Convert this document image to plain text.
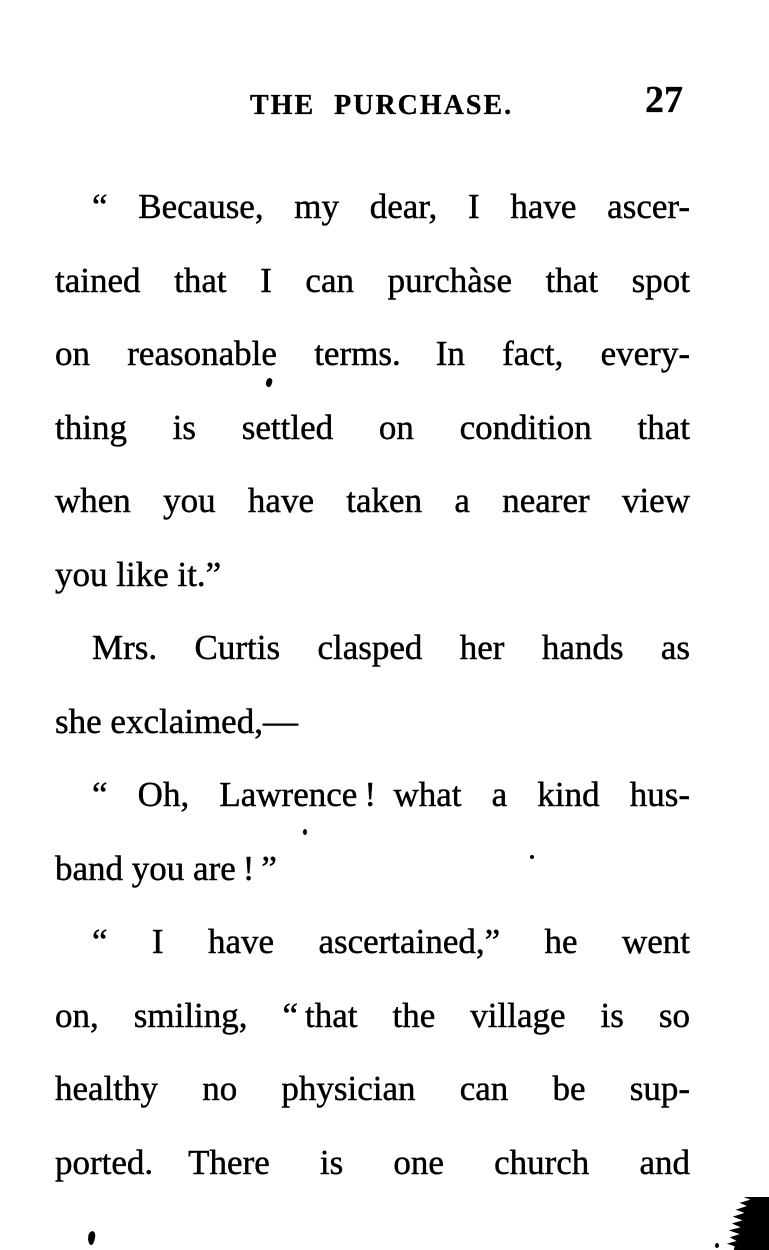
THE PURCHASE.	27
“ Because, my dear, I have ascer-
tained that I can purchàse that spot
on reasonable terms. In fact, every-
thing is settled on condition that
when you have taken a nearer view
you like it.”
Mrs. Curtis clasped her hands as
she exclaimed,—
“ Oh, Lawrence ! what a kind hus-
band you are ! ”
“ I have ascertained,” he went
on, smiling, “ that the village is so
healthy no physician can be sup-
ported. There is one church and
